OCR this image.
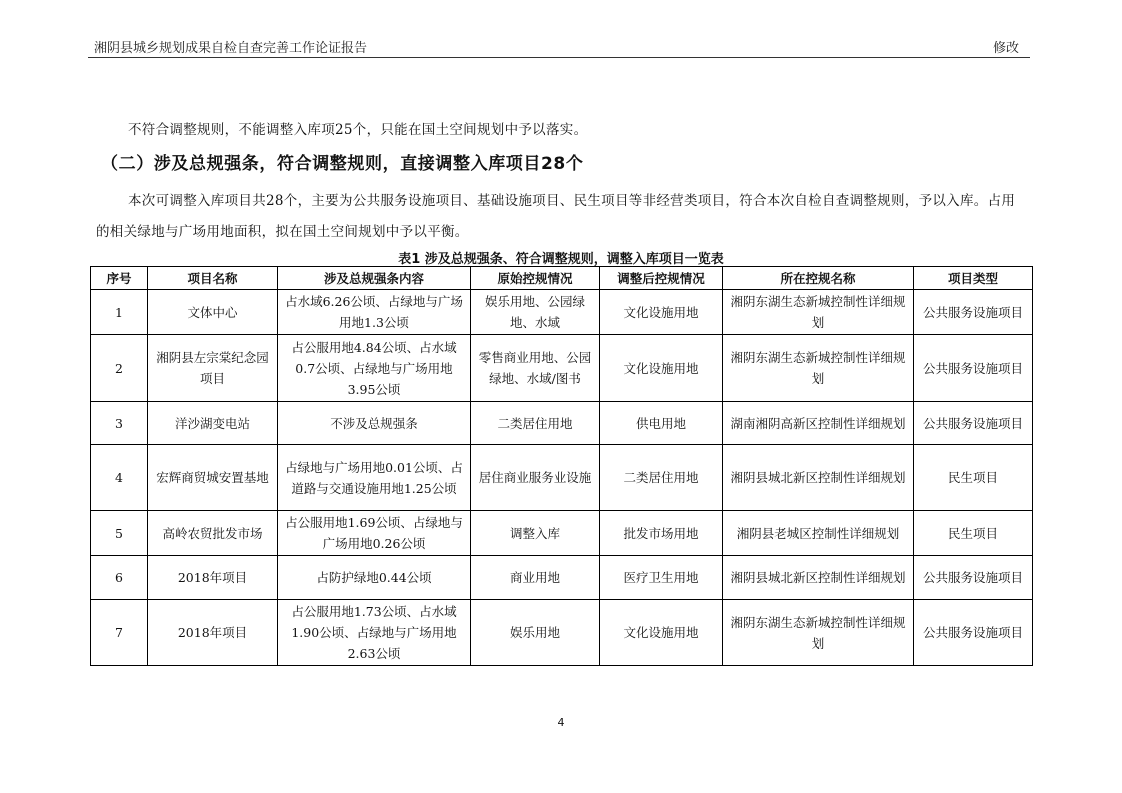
湘阴县城乡规划成果自检自查完善工作论证报告	修改
不符合调整规则，不能调整入库项25个，只能在国土空间规划中予以落实。
（二）涉及总规强条，符合调整规则，直接调整入库项目28个
本次可调整入库项目共28个，主要为公共服务设施项目、基础设施项目、民生项目等非经营类项目，符合本次自检自查调整规则，予以入库。占用的相关绿地与广场用地面积，拟在国土空间规划中予以平衡。
表1 涉及总规强条、符合调整规则，调整入库项目一览表
序号	项目名称	涉及总规强条内容	原始控规情况	调整后控规情况	所在控规名称	项目类型
1	文体中心	占水域6.26公顷、占绿地与广场用地1.3公顷	娱乐用地、公园绿地、水域	文化设施用地	湘阴东湖生态新城控制性详细规划	公共服务设施项目
2	湘阴县左宗棠纪念园项目	占公服用地4.84公顷、占水域0.7公顷、占绿地与广场用地3.95公顷	零售商业用地、公园绿地、水域/图书	文化设施用地	湘阴东湖生态新城控制性详细规划	公共服务设施项目
3	洋沙湖变电站	不涉及总规强条	二类居住用地	供电用地	湖南湘阴高新区控制性详细规划	公共服务设施项目
4	宏辉商贸城安置基地	占绿地与广场用地0.01公顷、占道路与交通设施用地1.25公顷	居住商业服务业设施	二类居住用地	湘阴县城北新区控制性详细规划	民生项目
5	高岭农贸批发市场	占公服用地1.69公顷、占绿地与广场用地0.26公顷	调整入库	批发市场用地	湘阴县老城区控制性详细规划	民生项目
6	2018年项目	占防护绿地0.44公顷	商业用地	医疗卫生用地	湘阴县城北新区控制性详细规划	公共服务设施项目
7	2018年项目	占公服用地1.73公顷、占水域1.90公顷、占绿地与广场用地2.63公顷	娱乐用地	文化设施用地	湘阴东湖生态新城控制性详细规划	公共服务设施项目
4
